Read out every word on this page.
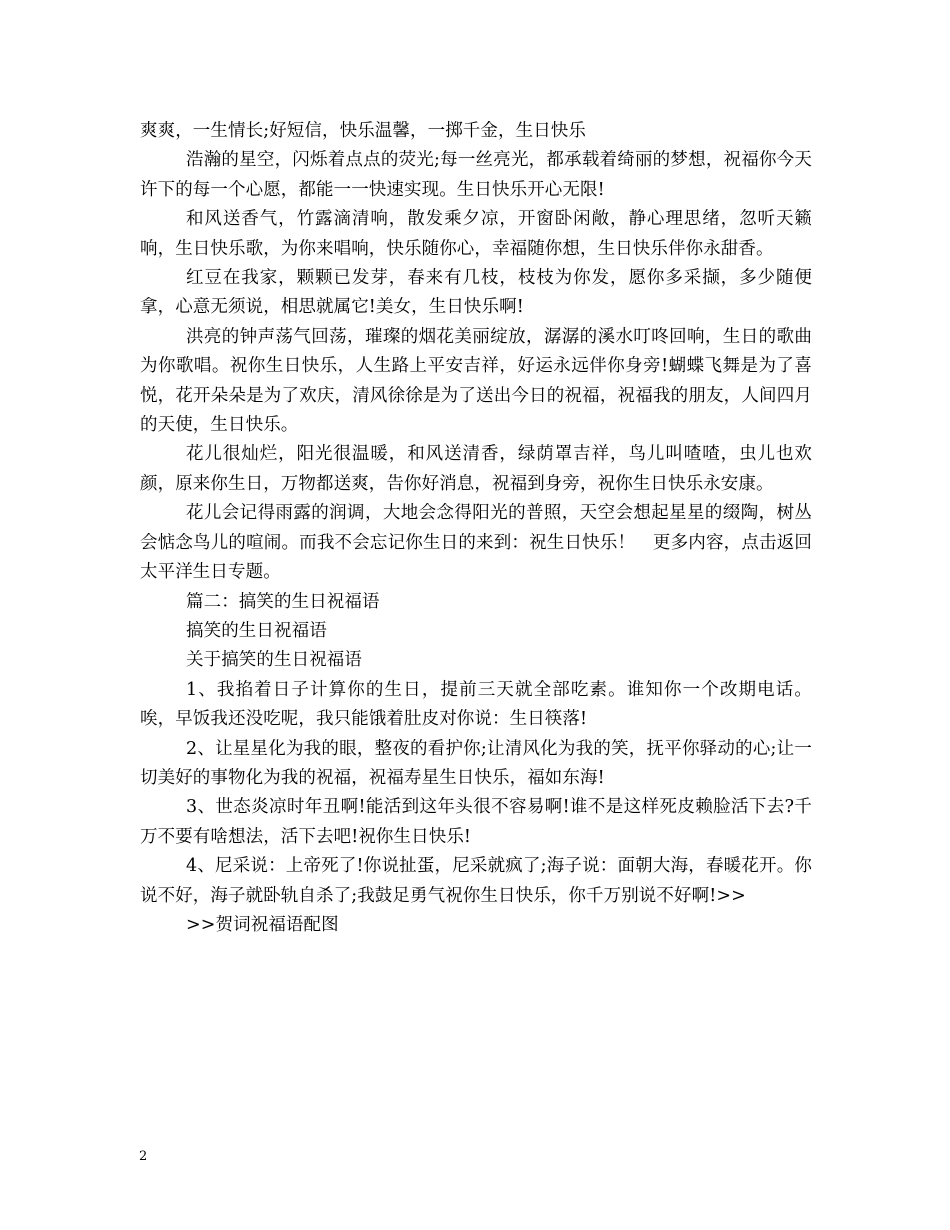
爽爽，一生情长;好短信，快乐温馨，一掷千金，生日快乐

浩瀚的星空，闪烁着点点的荧光;每一丝亮光，都承载着绮丽的梦想，祝福你今天许下的每一个心愿，都能一一快速实现。生日快乐开心无限!

和风送香气，竹露滴清响，散发乘夕凉，开窗卧闲敞，静心理思绪，忽听天籁响，生日快乐歌，为你来唱响，快乐随你心，幸福随你想，生日快乐伴你永甜香。

红豆在我家，颗颗已发芽，春来有几枝，枝枝为你发，愿你多采撷，多少随便拿，心意无须说，相思就属它!美女，生日快乐啊!

洪亮的钟声荡气回荡，璀璨的烟花美丽绽放，潺潺的溪水叮咚回响，生日的歌曲为你歌唱。祝你生日快乐，人生路上平安吉祥，好运永远伴你身旁!蝴蝶飞舞是为了喜悦，花开朵朵是为了欢庆，清风徐徐是为了送出今日的祝福，祝福我的朋友，人间四月的天使，生日快乐。

花儿很灿烂，阳光很温暖，和风送清香，绿荫罩吉祥，鸟儿叫喳喳，虫儿也欢颜，原来你生日，万物都送爽，告你好消息，祝福到身旁，祝你生日快乐永安康。

花儿会记得雨露的润调，大地会念得阳光的普照，天空会想起星星的缀陶，树丛会惦念鸟儿的喧闹。而我不会忘记你生日的来到：祝生日快乐！　更多内容，点击返回太平洋生日专题。

篇二：搞笑的生日祝福语

搞笑的生日祝福语

关于搞笑的生日祝福语

1、我掐着日子计算你的生日，提前三天就全部吃素。谁知你一个改期电话。唉，早饭我还没吃呢，我只能饿着肚皮对你说：生日筷落!

2、让星星化为我的眼，整夜的看护你;让清风化为我的笑，抚平你驿动的心;让一切美好的事物化为我的祝福，祝福寿星生日快乐，福如东海!

3、世态炎凉时年丑啊!能活到这年头很不容易啊!谁不是这样死皮赖脸活下去?千万不要有啥想法，活下去吧!祝你生日快乐!

4、尼采说：上帝死了!你说扯蛋，尼采就疯了;海子说：面朝大海，春暖花开。你说不好，海子就卧轨自杀了;我鼓足勇气祝你生日快乐，你千万别说不好啊!>>

>>贺词祝福语配图

2
